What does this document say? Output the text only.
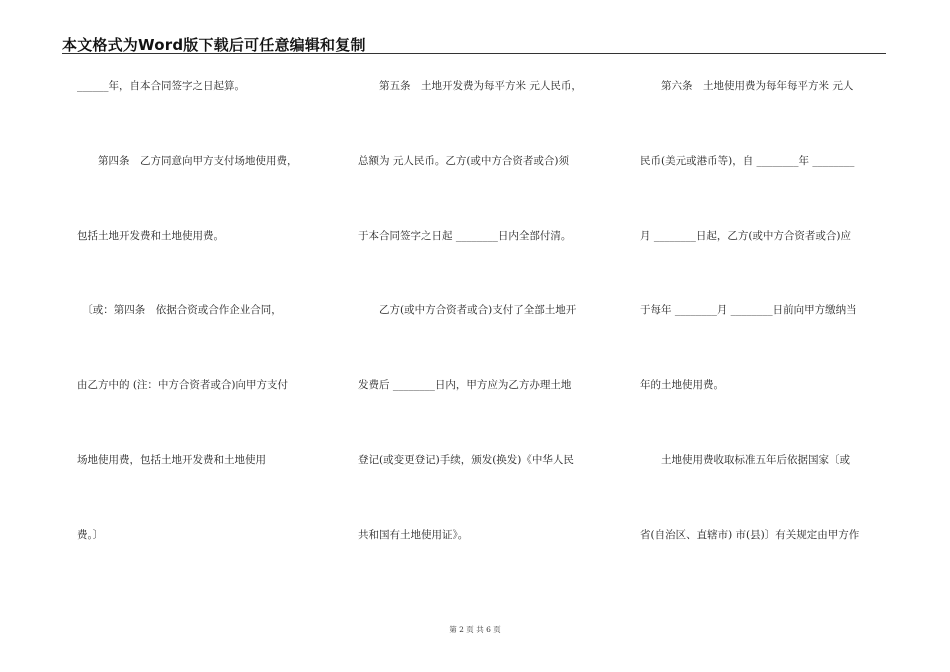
本文格式为Word版下载后可任意编辑和复制
______年，自本合同签字之日起算。
　　第四条　乙方同意向甲方支付场地使用费，
包括土地开发费和土地使用费。
　〔或：第四条　依据合资或合作企业合同，
由乙方中的 (注：中方合资者或合)向甲方支付
场地使用费，包括土地开发费和土地使用
费。〕
　　第五条　土地开发费为每平方米 元人民币，
总额为 元人民币。乙方(或中方合资者或合)须
于本合同签字之日起 ________日内全部付清。
　　乙方(或中方合资者或合)支付了全部土地开
发费后 ________日内，甲方应为乙方办理土地
登记(或变更登记)手续，颁发(换发)《中华人民
共和国有土地使用证》。
　　第六条　土地使用费为每年每平方米 元人
民币(美元或港币等)，自 ________年 ________
月 ________日起，乙方(或中方合资者或合)应
于每年 ________月 ________日前向甲方缴纳当
年的土地使用费。
　　土地使用费收取标准五年后依据国家〔或
省(自治区、直辖市) 市(县)〕有关规定由甲方作
第 2 页 共 6 页
